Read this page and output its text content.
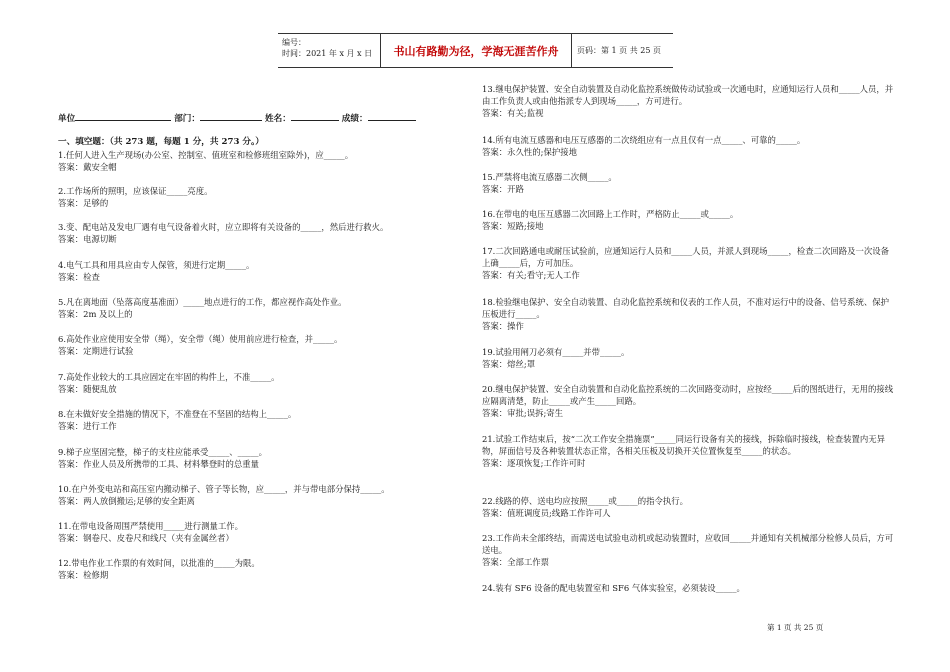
编号：
时间：2021 年 x 月 x 日	书山有路勤为径，学海无涯苦作舟	页码：第 1 页 共 25 页
单位	部门：	姓名：	成绩：
一、填空题：（共 273 题，每题 1 分，共 273 分。）

1.任何人进入生产现场(办公室、控制室、值班室和检修班组室除外)，应_____。

答案：戴安全帽

2.工作场所的照明，应该保证_____亮度。

答案：足够的

3.变、配电站及发电厂遇有电气设备着火时，应立即将有关设备的_____，然后进行救火。

答案：电源切断

4.电气工具和用具应由专人保管，须进行定期_____。

答案：检查

5.凡在离地面（坠落高度基准面）_____地点进行的工作，都应视作高处作业。

答案：2m 及以上的

6.高处作业应使用安全带（绳），安全带（绳）使用前应进行检查，并_____。

答案：定期进行试验

7.高处作业较大的工具应固定在牢固的构件上，不准_____。

答案：随便乱放

8.在未做好安全措施的情况下，不准登在不坚固的结构上_____。

答案：进行工作

9.梯子应坚固完整，梯子的支柱应能承受_____、_____。

答案：作业人员及所携带的工具、材料攀登时的总重量

10.在户外变电站和高压室内搬动梯子、管子等长物，应_____，并与带电部分保持_____。

答案：两人放倒搬运;足够的安全距离

11.在带电设备周围严禁使用_____进行测量工作。

答案：钢卷尺、皮卷尺和线尺（夹有金属丝者）

12.带电作业工作票的有效时间，以批准的_____为限。

答案：检修期

13.继电保护装置、安全自动装置及自动化监控系统做传动试验或一次通电时，应通知运行人员和_____人员，并由工作负责人或由他指派专人到现场_____，方可进行。

答案：有关;监视

14.所有电流互感器和电压互感器的二次绕组应有一点且仅有一点_____、可靠的_____。

答案：永久性的;保护接地

15.严禁将电流互感器二次侧_____。

答案：开路

16.在带电的电压互感器二次回路上工作时，严格防止_____或_____。

答案：短路;接地

17.二次回路通电或耐压试验前，应通知运行人员和_____人员，并派人到现场_____，检查二次回路及一次设备上确_____后，方可加压。

答案：有关;看守;无人工作

18.检验继电保护、安全自动装置、自动化监控系统和仪表的工作人员，不准对运行中的设备、信号系统、保护压板进行_____。

答案：操作

19.试验用闸刀必须有_____并带_____。

答案：熔丝;罩

20.继电保护装置、安全自动装置和自动化监控系统的二次回路变动时，应按经_____后的图纸进行，无用的接线应隔离清楚，防止_____或产生_____回路。

答案：审批;误拆;寄生

21.试验工作结束后，按“二次工作安全措施票”_____同运行设备有关的接线，拆除临时接线，检查装置内无异物，屏面信号及各种装置状态正常，各相关压板及切换开关位置恢复至_____的状态。

答案：逐项恢复;工作许可时

22.线路的停、送电均应按照_____或_____的指令执行。

答案：值班调度员;线路工作许可人

23.工作尚未全部终结，而需送电试验电动机或起动装置时，应收回_____并通知有关机械部分检修人员后，方可送电。

答案：全部工作票

24.装有 SF6 设备的配电装置室和 SF6 气体实验室，必须装设_____。

第 1 页 共 25 页
